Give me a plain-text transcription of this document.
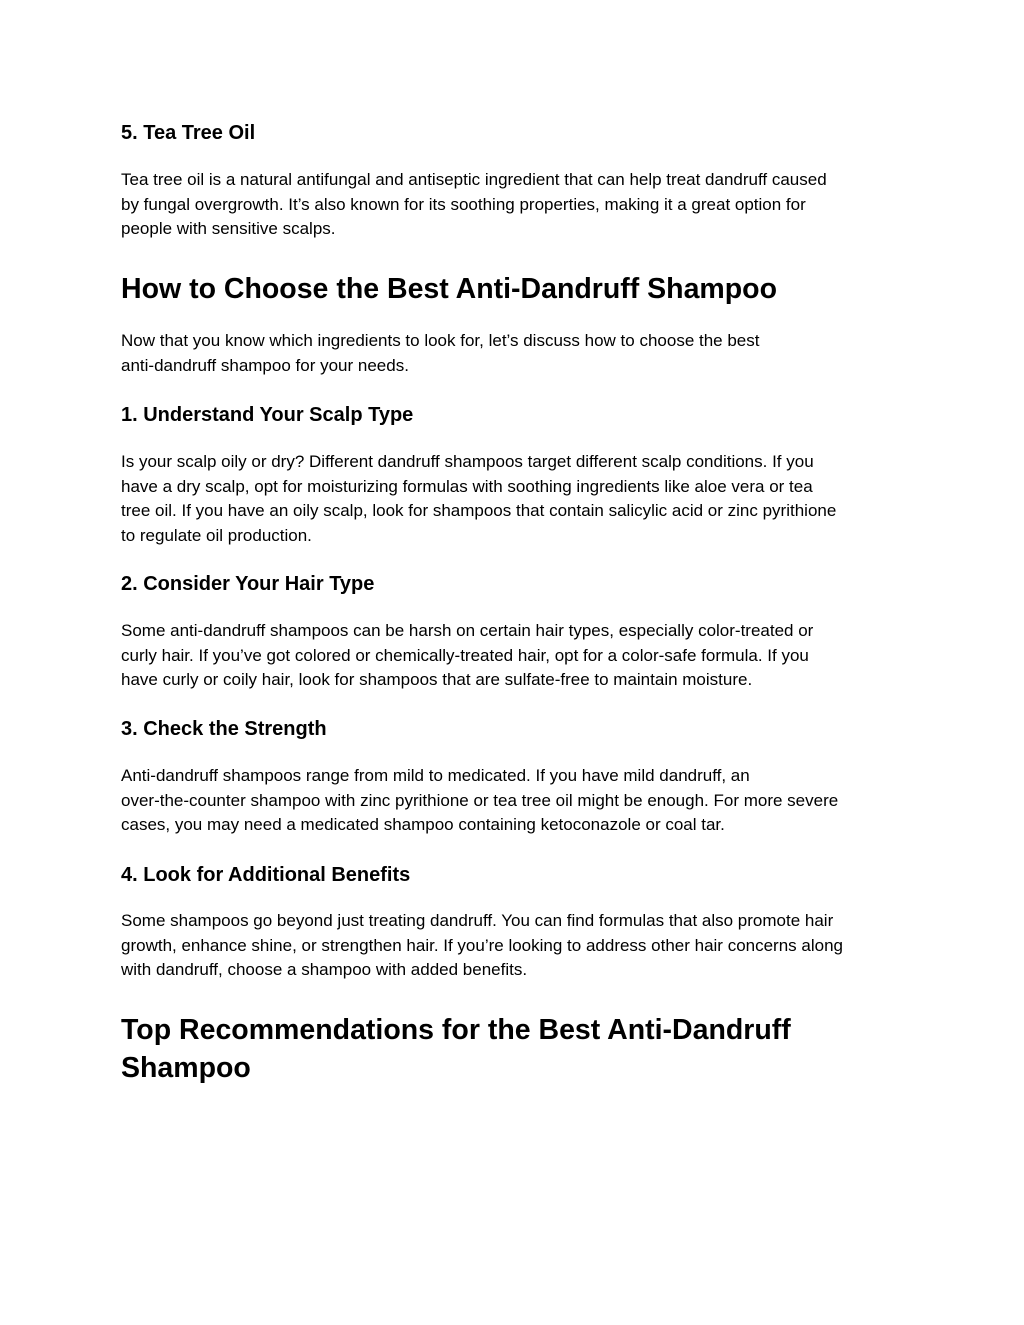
5. Tea Tree Oil

Tea tree oil is a natural antifungal and antiseptic ingredient that can help treat dandruff caused
by fungal overgrowth. It’s also known for its soothing properties, making it a great option for
people with sensitive scalps.

How to Choose the Best Anti-Dandruff Shampoo

Now that you know which ingredients to look for, let’s discuss how to choose the best
anti-dandruff shampoo for your needs.

1. Understand Your Scalp Type

Is your scalp oily or dry? Different dandruff shampoos target different scalp conditions. If you
have a dry scalp, opt for moisturizing formulas with soothing ingredients like aloe vera or tea
tree oil. If you have an oily scalp, look for shampoos that contain salicylic acid or zinc pyrithione
to regulate oil production.

2. Consider Your Hair Type

Some anti-dandruff shampoos can be harsh on certain hair types, especially color-treated or
curly hair. If you’ve got colored or chemically-treated hair, opt for a color-safe formula. If you
have curly or coily hair, look for shampoos that are sulfate-free to maintain moisture.

3. Check the Strength

Anti-dandruff shampoos range from mild to medicated. If you have mild dandruff, an
over-the-counter shampoo with zinc pyrithione or tea tree oil might be enough. For more severe
cases, you may need a medicated shampoo containing ketoconazole or coal tar.

4. Look for Additional Benefits

Some shampoos go beyond just treating dandruff. You can find formulas that also promote hair
growth, enhance shine, or strengthen hair. If you’re looking to address other hair concerns along
with dandruff, choose a shampoo with added benefits.

Top Recommendations for the Best Anti-Dandruff
Shampoo
